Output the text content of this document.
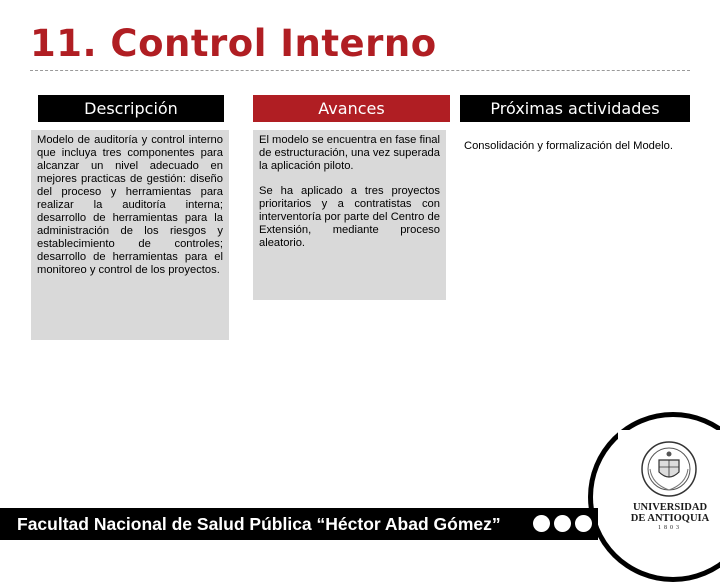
11. Control Interno
Descripción

Modelo de auditoría y control interno que incluya tres componentes para alcanzar un nivel adecuado en mejores practicas de gestión: diseño del proceso y herramientas para realizar la auditoría interna; desarrollo de herramientas para la administración de los riesgos y establecimiento de controles; desarrollo de herramientas para el monitoreo y control de los proyectos.

Avances

El modelo se encuentra en fase final de estructuración, una vez superada la aplicación piloto.

Se ha aplicado a tres proyectos prioritarios y a contratistas con interventoría por parte del Centro de Extensión, mediante proceso aleatorio.

Próximas actividades

Consolidación y formalización del Modelo.

UNIVERSIDAD
DE ANTIOQUIA
1803
Facultad Nacional de Salud Pública “Héctor Abad Gómez”
